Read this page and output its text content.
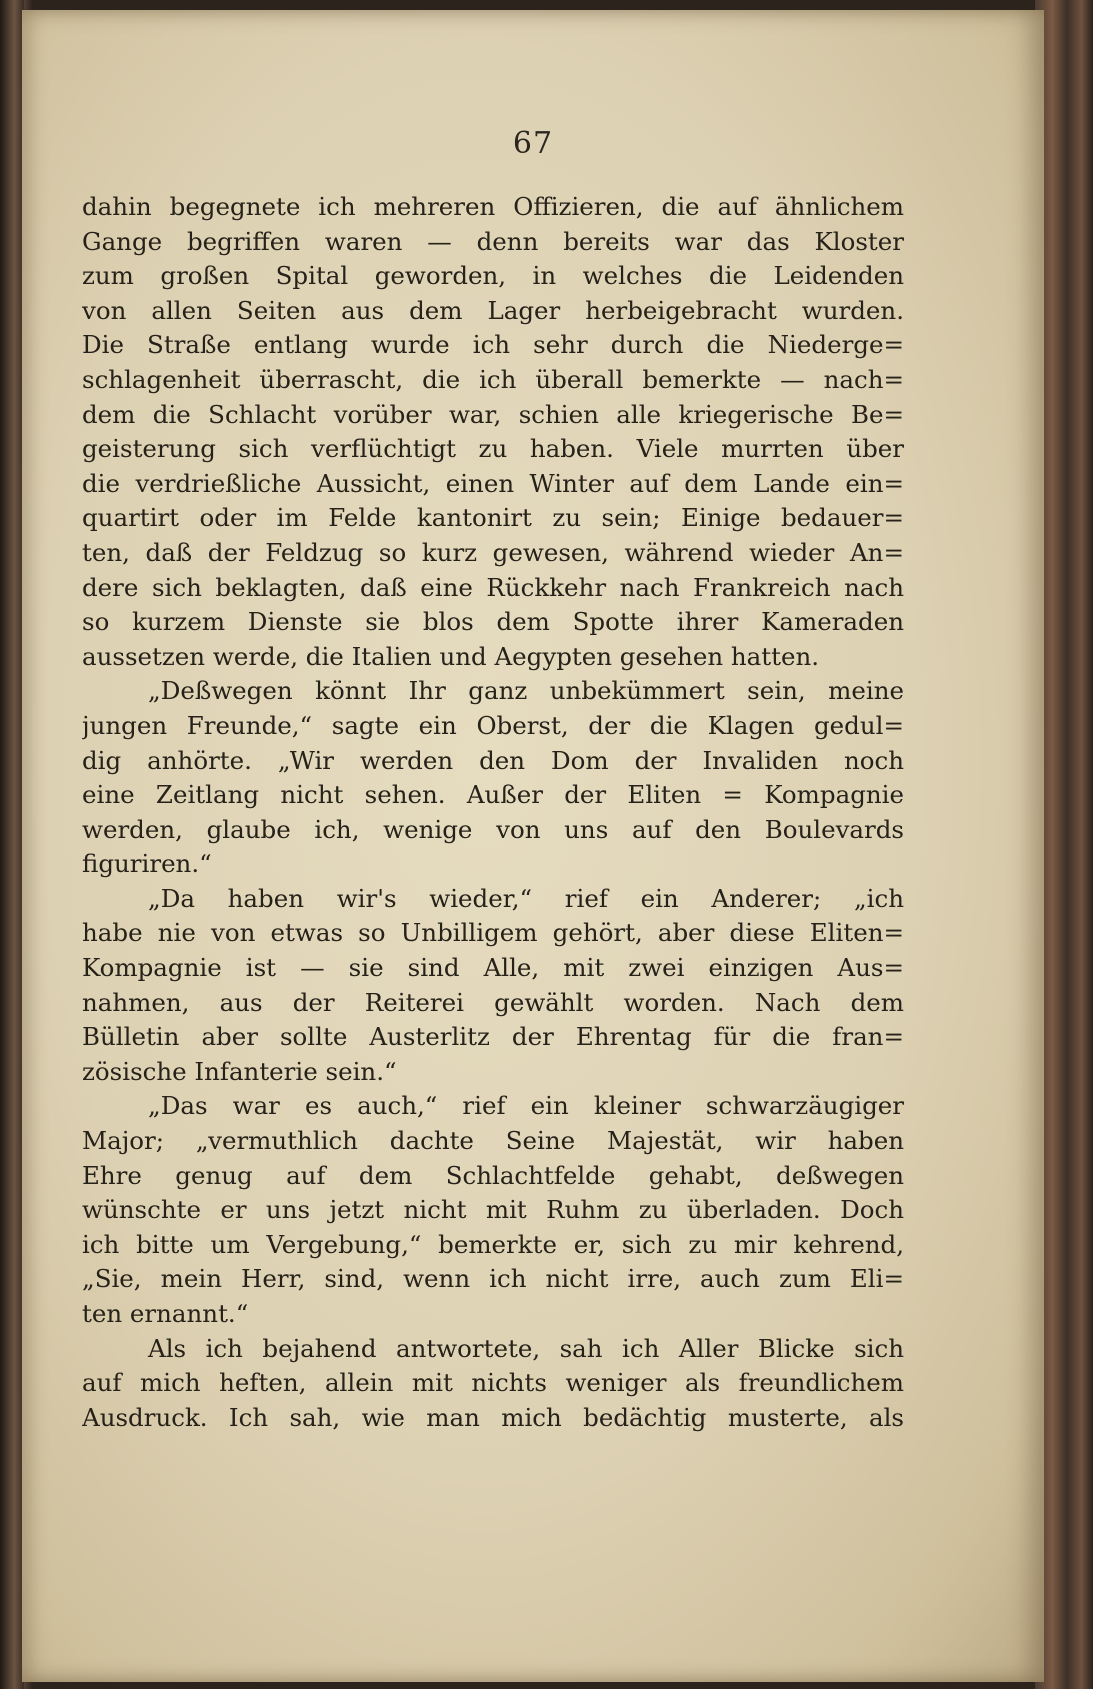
67
dahin begegnete ich mehreren Offizieren, die auf ähnlichem
Gange begriffen waren — denn bereits war das Kloster
zum großen Spital geworden, in welches die Leidenden
von allen Seiten aus dem Lager herbeigebracht wurden.
Die Straße entlang wurde ich sehr durch die Niederge=
schlagenheit überrascht, die ich überall bemerkte — nach=
dem die Schlacht vorüber war, schien alle kriegerische Be=
geisterung sich verflüchtigt zu haben. Viele murrten über
die verdrießliche Aussicht, einen Winter auf dem Lande ein=
quartirt oder im Felde kantonirt zu sein; Einige bedauer=
ten, daß der Feldzug so kurz gewesen, während wieder An=
dere sich beklagten, daß eine Rückkehr nach Frankreich nach
so kurzem Dienste sie blos dem Spotte ihrer Kameraden
aussetzen werde, die Italien und Aegypten gesehen hatten.
„Deßwegen könnt Ihr ganz unbekümmert sein, meine
jungen Freunde,“ sagte ein Oberst, der die Klagen gedul=
dig anhörte. „Wir werden den Dom der Invaliden noch
eine Zeitlang nicht sehen. Außer der Eliten = Kompagnie
werden, glaube ich, wenige von uns auf den Boulevards
figuriren.“
„Da haben wir's wieder,“ rief ein Anderer; „ich
habe nie von etwas so Unbilligem gehört, aber diese Eliten=
Kompagnie ist — sie sind Alle, mit zwei einzigen Aus=
nahmen, aus der Reiterei gewählt worden. Nach dem
Bülletin aber sollte Austerlitz der Ehrentag für die fran=
zösische Infanterie sein.“
„Das war es auch,“ rief ein kleiner schwarzäugiger
Major; „vermuthlich dachte Seine Majestät, wir haben
Ehre genug auf dem Schlachtfelde gehabt, deßwegen
wünschte er uns jetzt nicht mit Ruhm zu überladen. Doch
ich bitte um Vergebung,“ bemerkte er, sich zu mir kehrend,
„Sie, mein Herr, sind, wenn ich nicht irre, auch zum Eli=
ten ernannt.“
Als ich bejahend antwortete, sah ich Aller Blicke sich
auf mich heften, allein mit nichts weniger als freundlichem
Ausdruck. Ich sah, wie man mich bedächtig musterte, als
